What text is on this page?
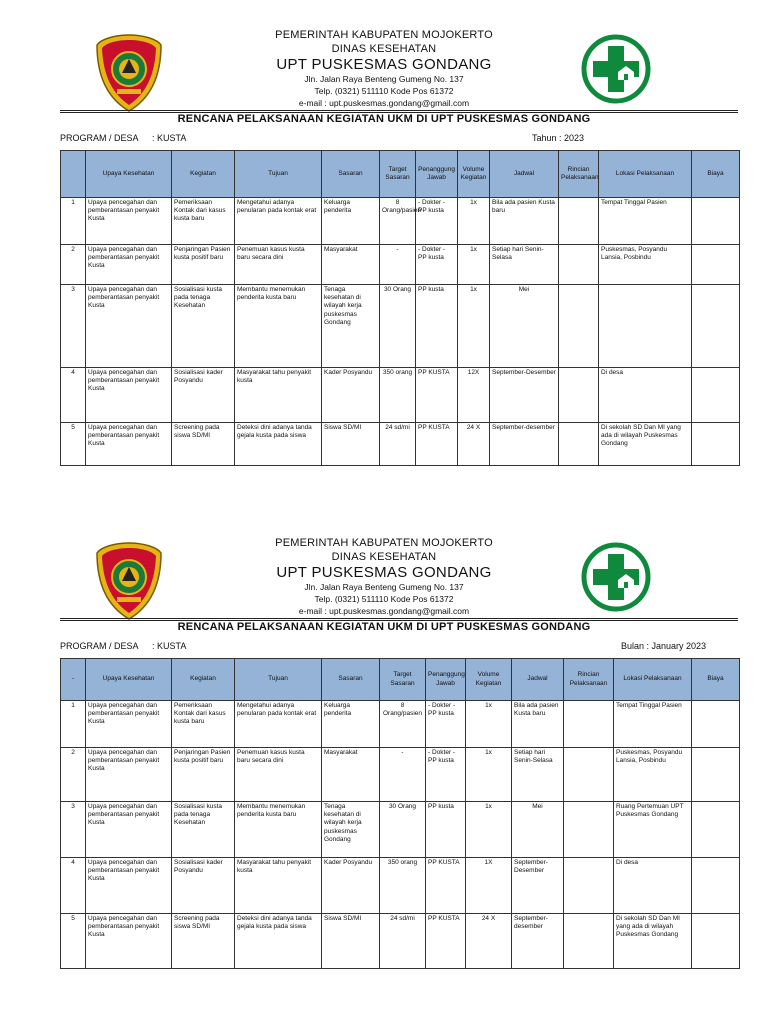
PEMERINTAH KABUPATEN MOJOKERTO
DINAS KESEHATAN
UPT PUSKESMAS GONDANG
Jln. Jalan Raya Benteng Gumeng No. 137
Telp. (0321) 511110 Kode Pos 61372
e-mail : upt.puskesmas.gondang@gmail.com
RENCANA PELAKSANAAN KEGIATAN UKM DI UPT PUSKESMAS GONDANG
PROGRAM / DESA : KUSTA	Tahun : 2023
	Upaya Kesehatan	Kegiatan	Tujuan	Sasaran	Target Sasaran	Penanggung Jawab	Volume Kegiatan	Jadwal	Rincian Pelaksanaan	Lokasi Pelaksanaan	Biaya
1	Upaya pencegahan dan pemberantasan penyakit Kusta	Pemeriksaan Kontak dari kasus kusta baru	Mengetahui adanya penularan pada kontak erat	Keluarga penderita	8 Orang/pasien	- Dokter - PP kusta	1x	Bila ada pasien Kusta baru		Tempat Tinggal Pasien	
2	Upaya pencegahan dan pemberantasan penyakit Kusta	Penjaringan Pasien kusta positif baru	Penemuan kasus kusta baru secara dini	Masyarakat	-	- Dokter - PP kusta	1x	Setiap hari Senin-Selasa		Puskesmas, Posyandu Lansia, Posbindu	
3	Upaya pencegahan dan pemberantasan penyakit Kusta	Sosialisasi kusta pada tenaga Kesehatan	Membantu menemukan penderita kusta baru	Tenaga kesehatan di wilayah kerja puskesmas Gondang	30 Orang	PP kusta	1x	Mei			
4	Upaya pencegahan dan pemberantasan penyakit Kusta	Sosialisasi kader Posyandu	Masyarakat tahu penyakit kusta	Kader Posyandu	350 orang	PP KUSTA	12X	September-Desember		Di desa	
5	Upaya pencegahan dan pemberantasan penyakit Kusta	Screening pada siswa SD/MI	Deteksi dini adanya tanda gejala kusta pada siswa	Siswa SD/MI	24 sd/mi	PP KUSTA	24 X	September-desember		Di sekolah SD Dan MI yang ada di wilayah Puskesmas Gondang	
PEMERINTAH KABUPATEN MOJOKERTO
DINAS KESEHATAN
UPT PUSKESMAS GONDANG
Jln. Jalan Raya Benteng Gumeng No. 137
Telp. (0321) 511110 Kode Pos 61372
e-mail : upt.puskesmas.gondang@gmail.com
RENCANA PELAKSANAAN KEGIATAN UKM DI UPT PUSKESMAS GONDANG
PROGRAM / DESA : KUSTA	Bulan : January 2023
-	Upaya Kesehatan	Kegiatan	Tujuan	Sasaran	Target Sasaran	Penanggung Jawab	Volume Kegiatan	Jadwal	Rincian Pelaksanaan	Lokasi Pelaksanaan	Biaya
1	Upaya pencegahan dan pemberantasan penyakit Kusta	Pemeriksaan Kontak dari kasus kusta baru	Mengetahui adanya penularan pada kontak erat	Keluarga penderita	8 Orang/pasien	- Dokter - PP kusta	1x	Bila ada pasien Kusta baru		Tempat Tinggal Pasien	
2	Upaya pencegahan dan pemberantasan penyakit Kusta	Penjaringan Pasien kusta positif baru	Penemuan kasus kusta baru secara dini	Masyarakat	-	- Dokter - PP kusta	1x	Setiap hari Senin-Selasa		Puskesmas, Posyandu Lansia, Posbindu	
3	Upaya pencegahan dan pemberantasan penyakit Kusta	Sosialisasi kusta pada tenaga Kesehatan	Membantu menemukan penderita kusta baru	Tenaga kesehatan di wilayah kerja puskesmas Gondang	30 Orang	PP kusta	1x	Mei		Ruang Pertemuan UPT Puskesmas Gondang	
4	Upaya pencegahan dan pemberantasan penyakit Kusta	Sosialisasi kader Posyandu	Masyarakat tahu penyakit kusta	Kader Posyandu	350 orang	PP KUSTA	1X	September-Desember		Di desa	
5	Upaya pencegahan dan pemberantasan penyakit Kusta	Screening pada siswa SD/MI	Deteksi dini adanya tanda gejala kusta pada siswa	Siswa SD/MI	24 sd/mi	PP KUSTA	24 X	September-desember		Di sekolah SD Dan MI yang ada di wilayah Puskesmas Gondang	
